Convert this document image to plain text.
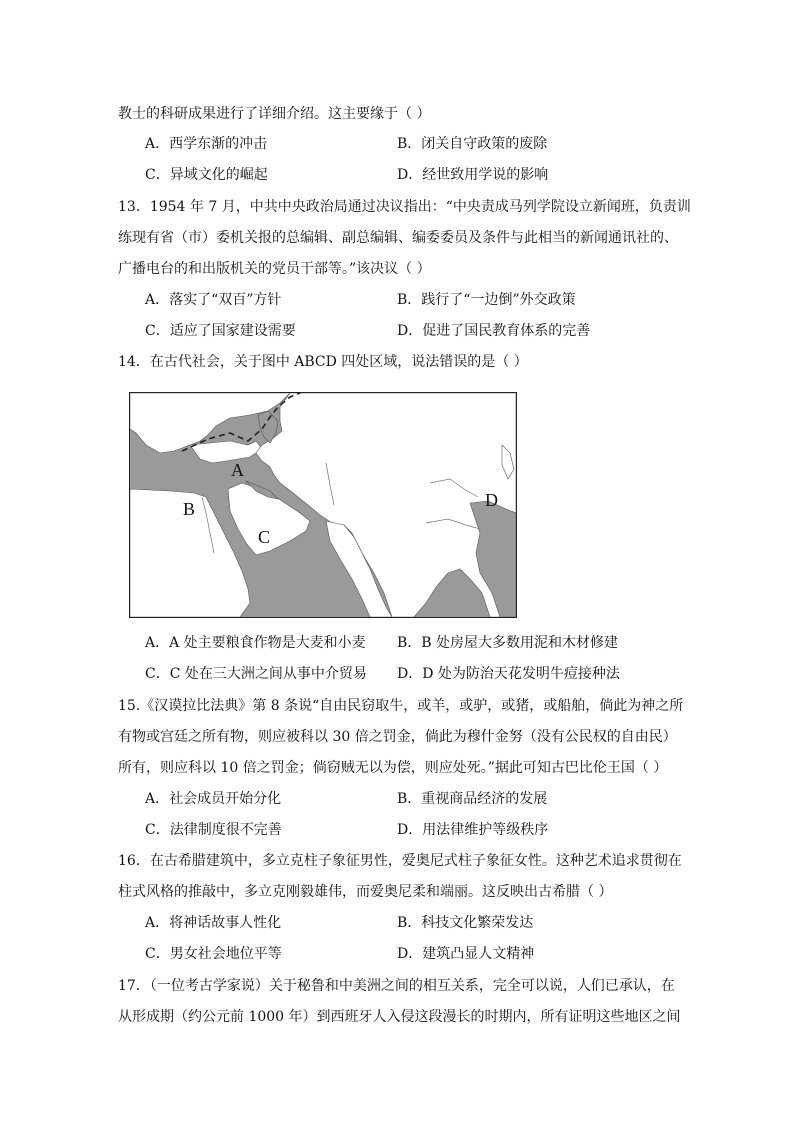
教士的科研成果进行了详细介绍。这主要缘于（ ）
A．西学东渐的冲击	B．闭关自守政策的废除
C．异域文化的崛起	D．经世致用学说的影响
13．1954 年 7 月，中共中央政治局通过决议指出：“中央责成马列学院设立新闻班，负责训
练现有省（市）委机关报的总编辑、副总编辑、编委委员及条件与此相当的新闻通讯社的、
广播电台的和出版机关的党员干部等。”该决议（ ）
A．落实了“双百”方针	B．践行了“一边倒”外交政策
C．适应了国家建设需要	D．促进了国民教育体系的完善
14．在古代社会，关于图中 ABCD 四处区域，说法错误的是（ ）
A
B
C
D
A．A 处主要粮食作物是大麦和小麦 B．B 处房屋大多数用泥和木材修建
C．C 处在三大洲之间从事中介贸易 D．D 处为防治天花发明牛痘接种法
15.《汉谟拉比法典》第 8 条说“自由民窃取牛，或羊，或驴，或猪，或船舶，倘此为神之所
有物或宫廷之所有物，则应被科以 30 倍之罚金，倘此为穆什金努（没有公民权的自由民）
所有，则应科以 10 倍之罚金；倘窃贼无以为偿，则应处死。”据此可知古巴比伦王国（ ）
A．社会成员开始分化	B．重视商品经济的发展
C．法律制度很不完善	D．用法律维护等级秩序
16．在古希腊建筑中，多立克柱子象征男性，爱奥尼式柱子象征女性。这种艺术追求贯彻在
柱式风格的推敲中，多立克刚毅雄伟，而爱奥尼柔和端丽。这反映出古希腊（ ）
A．将神话故事人性化	B．科技文化繁荣发达
C．男女社会地位平等	D．建筑凸显人文精神
17．（一位考古学家说）关于秘鲁和中美洲之间的相互关系，完全可以说，人们已承认，在
从形成期（约公元前 1000 年）到西班牙人入侵这段漫长的时期内，所有证明这些地区之间
